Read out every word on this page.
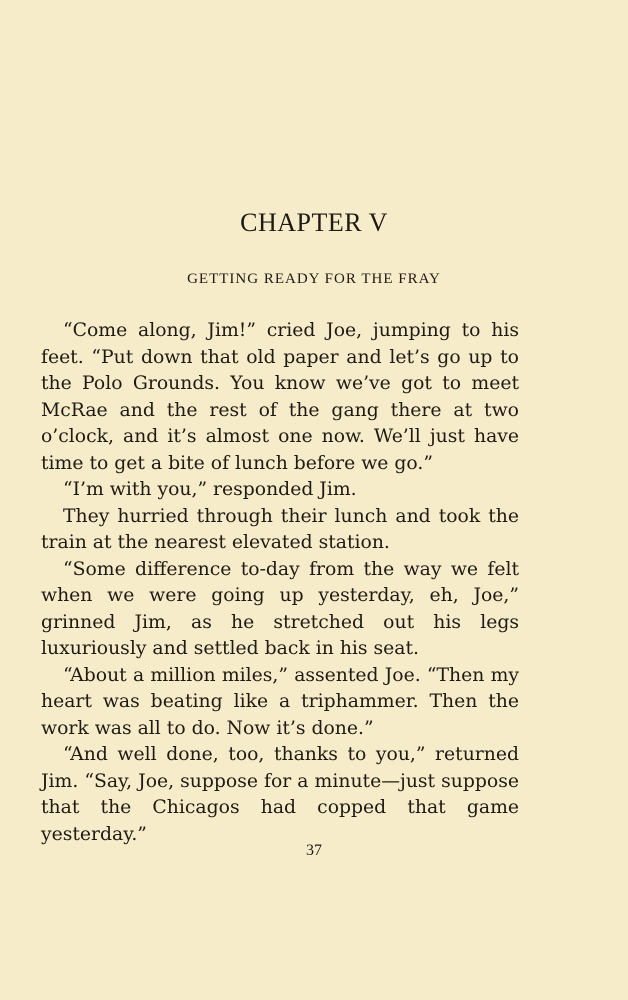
CHAPTER V
GETTING READY FOR THE FRAY

“Come along, Jim!” cried Joe, jumping to his feet. “Put down that old paper and let’s go up to the Polo Grounds. You know we’ve got to meet McRae and the rest of the gang there at two o’clock, and it’s almost one now. We’ll just have time to get a bite of lunch before we go.”

“I’m with you,” responded Jim.

They hurried through their lunch and took the train at the nearest elevated station.

“Some difference to-day from the way we felt when we were going up yesterday, eh, Joe,” grinned Jim, as he stretched out his legs luxuriously and settled back in his seat.

“About a million miles,” assented Joe. “Then my heart was beating like a triphammer. Then the work was all to do. Now it’s done.”

“And well done, too, thanks to you,” returned Jim. “Say, Joe, suppose for a minute—just suppose that the Chicagos had copped that game yesterday.”

37
